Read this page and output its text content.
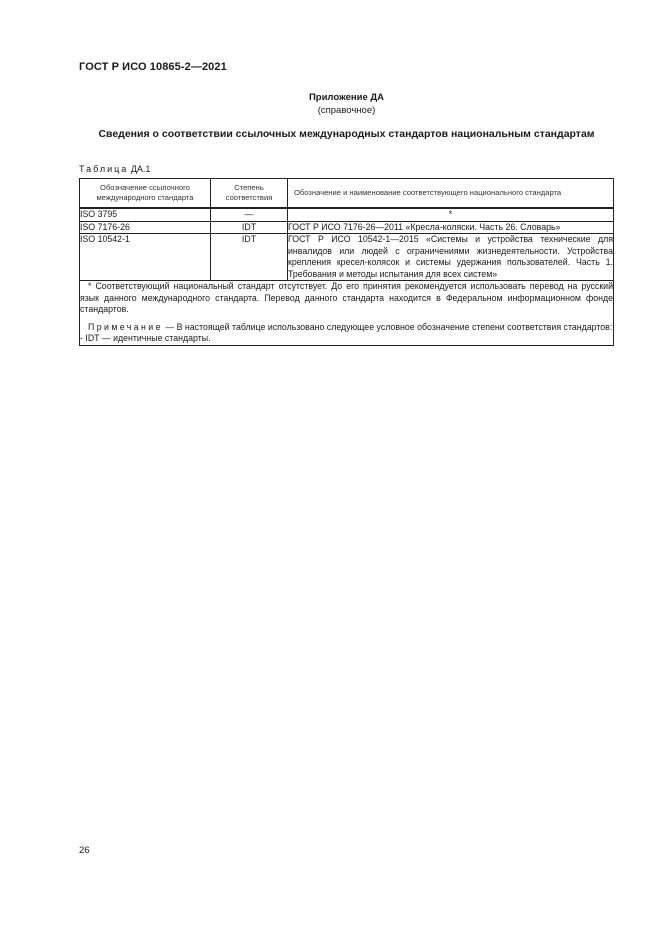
ГОСТ Р ИСО 10865-2—2021
Приложение ДА
(справочное)
Сведения о соответствии ссылочных международных стандартов национальным стандартам
Таблица ДА.1
Обозначение ссылочного международного стандарта	Степень соответствия	Обозначение и наименование соответствующего национального стандарта
ISO 3795	—	*
ISO 7176-26	IDT	ГОСТ Р ИСО 7176-26—2011 «Кресла-коляски. Часть 26. Словарь»
ISO 10542-1	IDT	ГОСТ Р ИСО 10542-1—2015 «Системы и устройства технические для инвалидов или людей с ограничениями жизнедеятельности. Устройства крепления кресел-колясок и системы удержания пользователей. Часть 1. Требования и методы испытания для всех систем»

* Соответствующий национальный стандарт отсутствует. До его принятия рекомендуется использовать перевод на русский язык данного международного стандарта. Перевод данного стандарта находится в Федеральном информационном фонде стандартов.

Примечание — В настоящей таблице использовано следующее условное обозначение степени соответствия стандартов:

- IDT — идентичные стандарты.		

26
